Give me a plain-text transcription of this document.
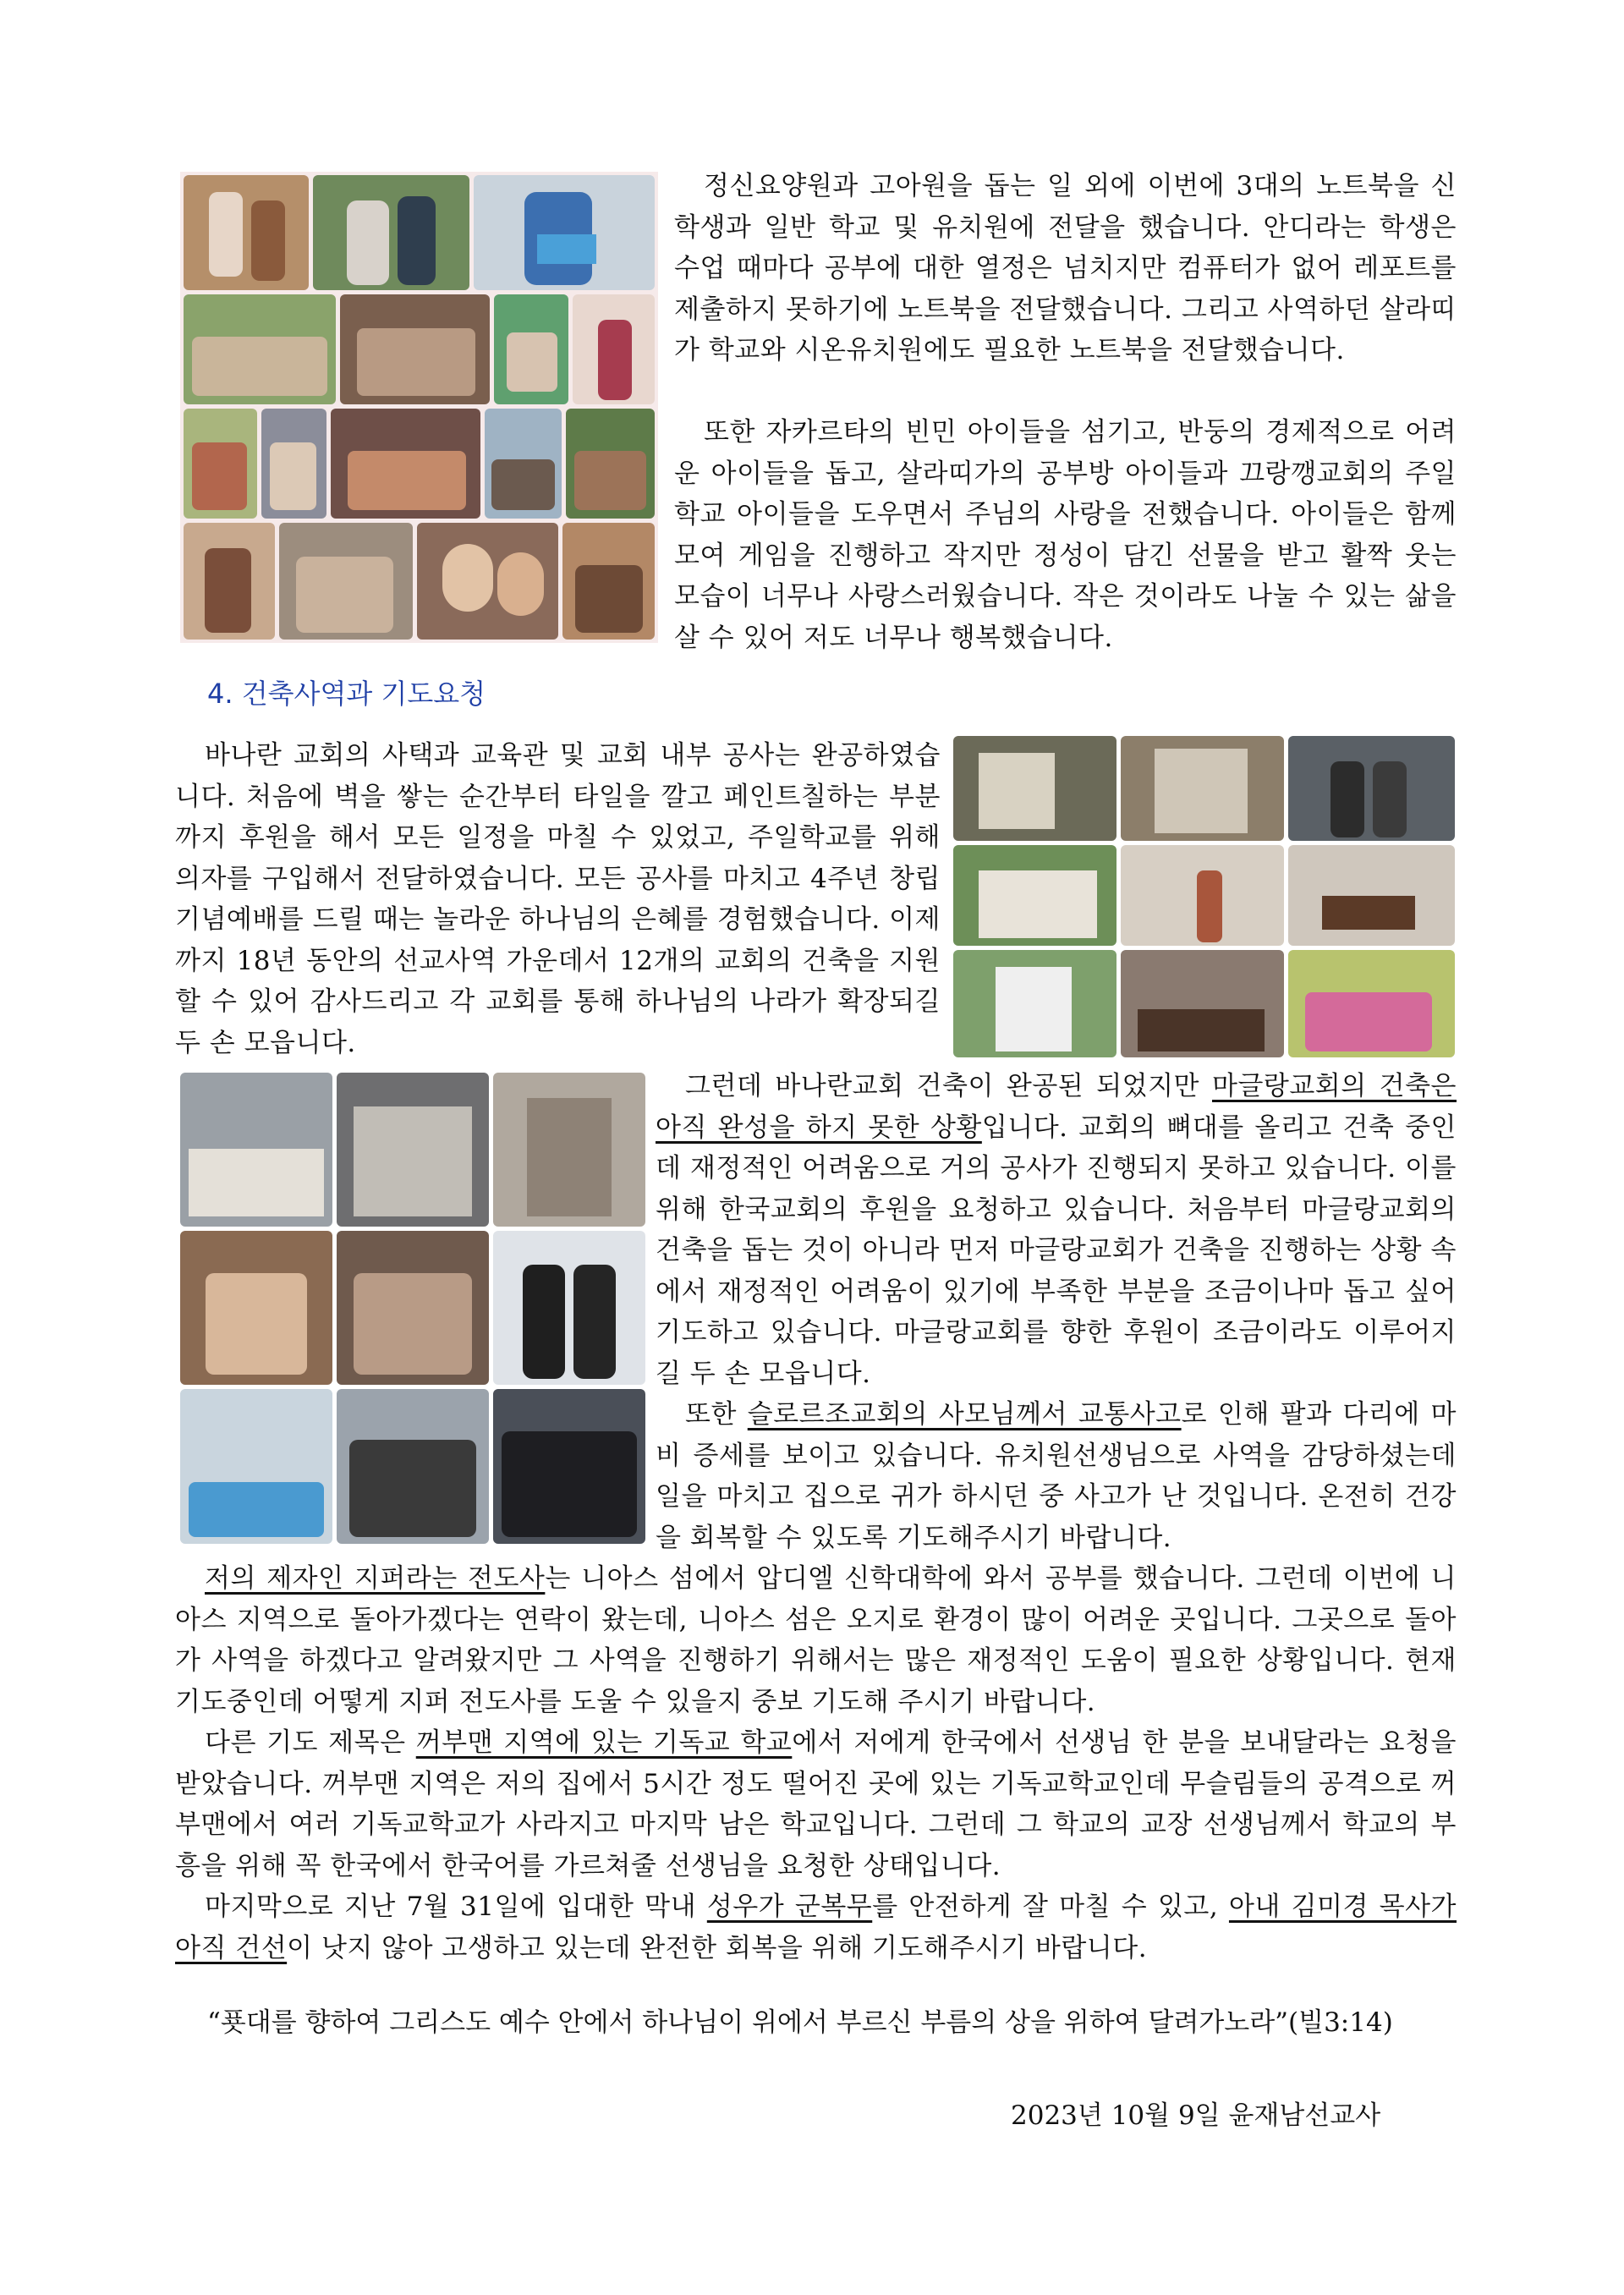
정신요양원과 고아원을 돕는 일 외에 이번에 3대의 노트북을 신학생과 일반 학교 및 유치원에 전달을 했습니다. 안디라는 학생은 수업 때마다 공부에 대한 열정은 넘치지만 컴퓨터가 없어 레포트를 제출하지 못하기에 노트북을 전달했습니다. 그리고 사역하던 살라띠가 학교와 시온유치원에도 필요한 노트북을 전달했습니다.

또한 자카르타의 빈민 아이들을 섬기고, 반둥의 경제적으로 어려운 아이들을 돕고, 살라띠가의 공부방 아이들과 끄랑깽교회의 주일학교 아이들을 도우면서 주님의 사랑을 전했습니다. 아이들은 함께 모여 게임을 진행하고 작지만 정성이 담긴 선물을 받고 활짝 웃는 모습이 너무나 사랑스러웠습니다. 작은 것이라도 나눌 수 있는 삶을 살 수 있어 저도 너무나 행복했습니다.

4. 건축사역과 기도요청

바나란 교회의 사택과 교육관 및 교회 내부 공사는 완공하였습니다. 처음에 벽을 쌓는 순간부터 타일을 깔고 페인트칠하는 부분까지 후원을 해서 모든 일정을 마칠 수 있었고, 주일학교를 위해 의자를 구입해서 전달하였습니다. 모든 공사를 마치고 4주년 창립기념예배를 드릴 때는 놀라운 하나님의 은혜를 경험했습니다. 이제까지 18년 동안의 선교사역 가운데서 12개의 교회의 건축을 지원할 수 있어 감사드리고 각 교회를 통해 하나님의 나라가 확장되길 두 손 모읍니다.

그런데 바나란교회 건축이 완공된 되었지만 마글랑교회의 건축은 아직 완성을 하지 못한 상황입니다. 교회의 뼈대를 올리고 건축 중인데 재정적인 어려움으로 거의 공사가 진행되지 못하고 있습니다. 이를 위해 한국교회의 후원을 요청하고 있습니다. 처음부터 마글랑교회의 건축을 돕는 것이 아니라 먼저 마글랑교회가 건축을 진행하는 상황 속에서 재정적인 어려움이 있기에 부족한 부분을 조금이나마 돕고 싶어 기도하고 있습니다. 마글랑교회를 향한 후원이 조금이라도 이루어지길 두 손 모읍니다.

또한 슬로르조교회의 사모님께서 교통사고로 인해 팔과 다리에 마비 증세를 보이고 있습니다. 유치원선생님으로 사역을 감당하셨는데 일을 마치고 집으로 귀가 하시던 중 사고가 난 것입니다. 온전히 건강을 회복할 수 있도록 기도해주시기 바랍니다.

저의 제자인 지퍼라는 전도사는 니아스 섬에서 압디엘 신학대학에 와서 공부를 했습니다. 그런데 이번에 니아스 지역으로 돌아가겠다는 연락이 왔는데, 니아스 섬은 오지로 환경이 많이 어려운 곳입니다. 그곳으로 돌아가 사역을 하겠다고 알려왔지만 그 사역을 진행하기 위해서는 많은 재정적인 도움이 필요한 상황입니다. 현재 기도중인데 어떻게 지퍼 전도사를 도울 수 있을지 중보 기도해 주시기 바랍니다.

다른 기도 제목은 꺼부맨 지역에 있는 기독교 학교에서 저에게 한국에서 선생님 한 분을 보내달라는 요청을 받았습니다. 꺼부맨 지역은 저의 집에서 5시간 정도 떨어진 곳에 있는 기독교학교인데 무슬림들의 공격으로 꺼부맨에서 여러 기독교학교가 사라지고 마지막 남은 학교입니다. 그런데 그 학교의 교장 선생님께서 학교의 부흥을 위해 꼭 한국에서 한국어를 가르쳐줄 선생님을 요청한 상태입니다.

마지막으로 지난 7월 31일에 입대한 막내 성우가 군복무를 안전하게 잘 마칠 수 있고, 아내 김미경 목사가 아직 건선이 낫지 않아 고생하고 있는데 완전한 회복을 위해 기도해주시기 바랍니다.

“푯대를 향하여 그리스도 예수 안에서 하나님이 위에서 부르신 부름의 상을 위하여 달려가노라”(빌3:14)

2023년 10월 9일 윤재남선교사
